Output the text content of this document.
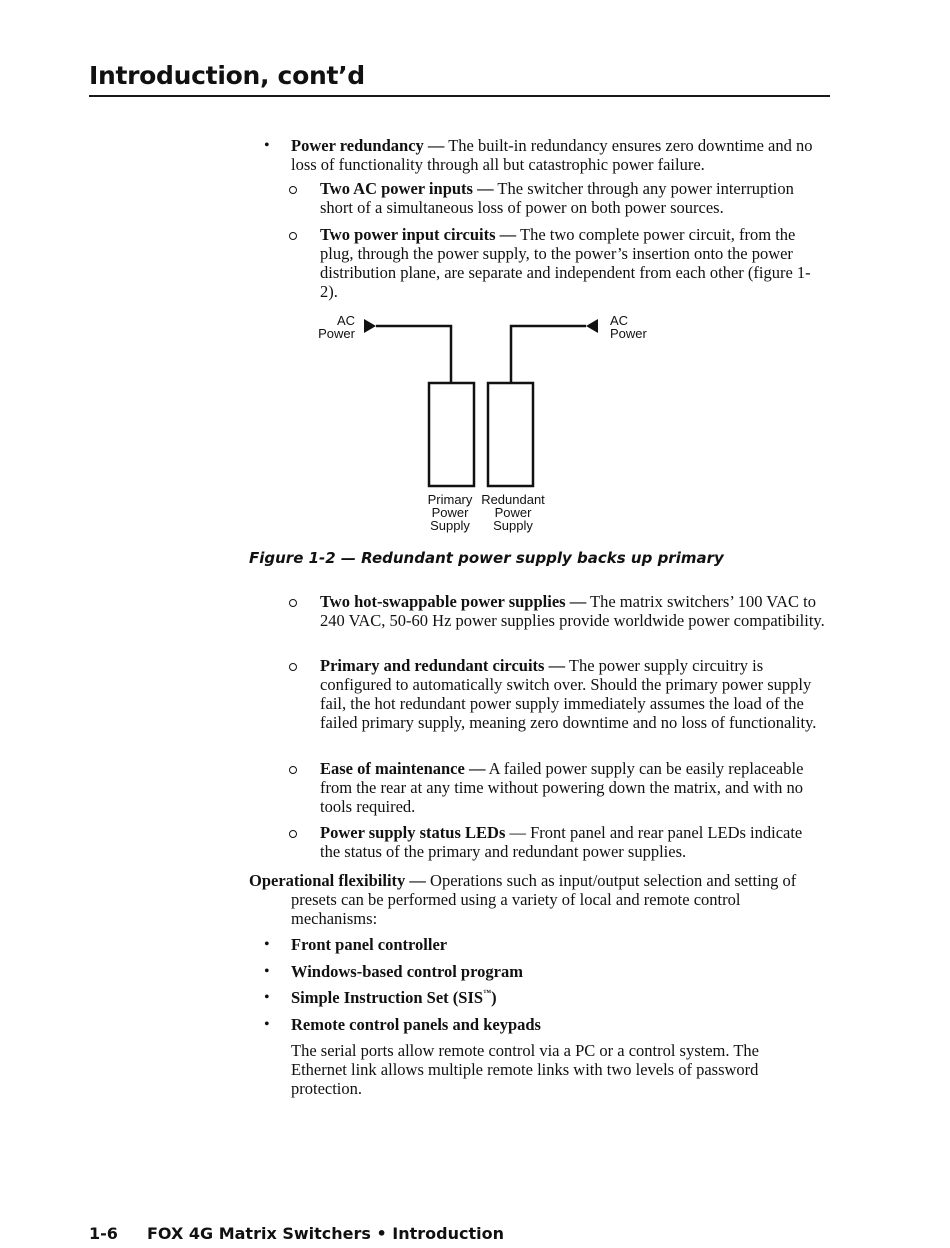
Introduction, cont’d
• Power redundancy — The built-in redundancy ensures zero downtime and no loss of functionality through all but catastrophic power failure.
Two AC power inputs — The switcher through any power interruption short of a simultaneous loss of power on both power sources.
Two power input circuits — The two complete power circuit, from the plug, through the power supply, to the power’s insertion onto the power distribution plane, are separate and independent from each other (figure 1-2).
AC
Power
AC
Power
Primary
Power
Supply
Redundant
Power
Supply
Figure 1-2 — Redundant power supply backs up primary
Two hot-swappable power supplies — The matrix switchers’ 100 VAC to 240 VAC, 50-60 Hz power supplies provide worldwide power compatibility.
Primary and redundant circuits — The power supply circuitry is configured to automatically switch over. Should the primary power supply fail, the hot redundant power supply immediately assumes the load of the failed primary supply, meaning zero downtime and no loss of functionality.
Ease of maintenance — A failed power supply can be easily replaceable from the rear at any time without powering down the matrix, and with no tools required.
Power supply status LEDs — Front panel and rear panel LEDs indicate the status of the primary and redundant power supplies.
Operational flexibility — Operations such as input/output selection and setting of presets can be performed using a variety of local and remote control mechanisms:
• Front panel controller
• Windows-based control program
• Simple Instruction Set (SIS™)
• Remote control panels and keypads
The serial ports allow remote control via a PC or a control system. The Ethernet link allows multiple remote links with two levels of password protection.
1-6 FOX 4G Matrix Switchers • Introduction
